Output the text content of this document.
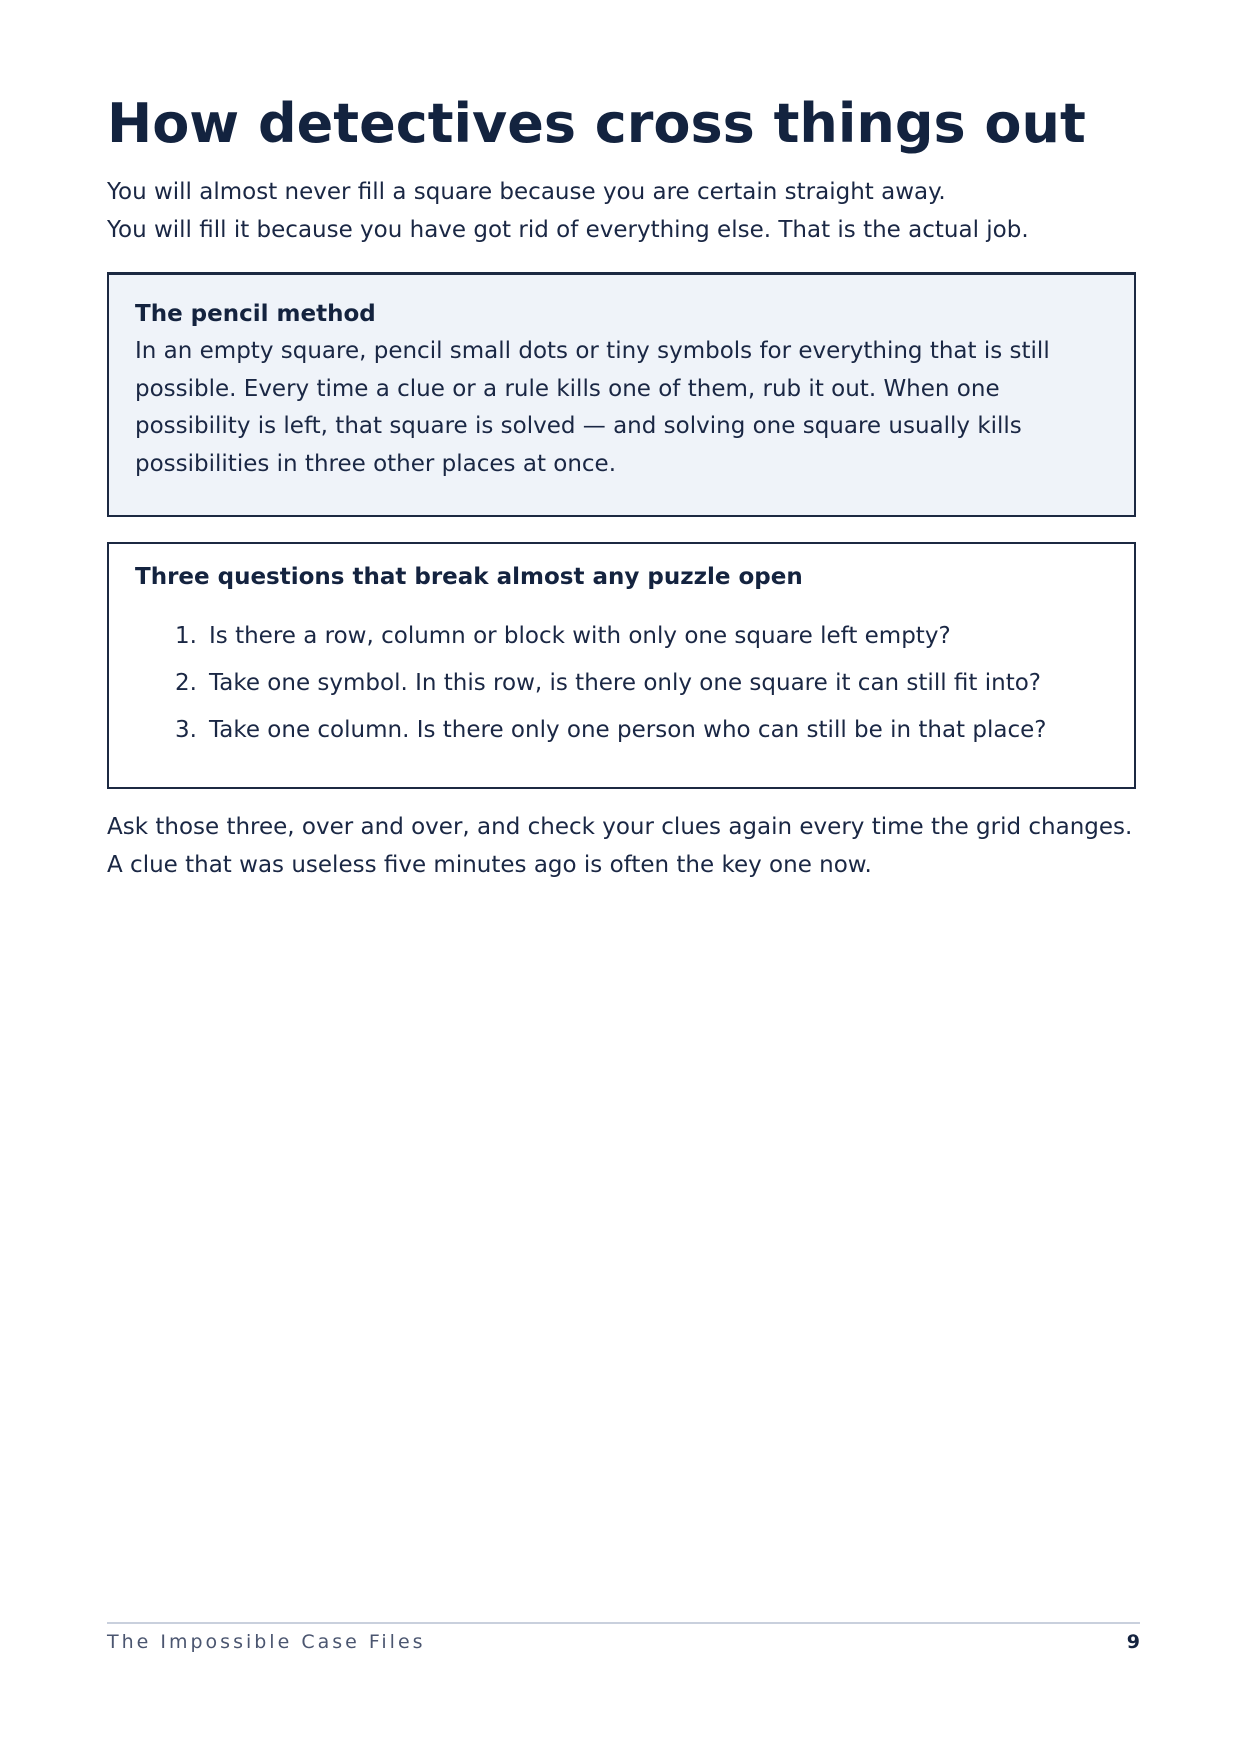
How detectives cross things out

You will almost never fill a square because you are certain straight away.

You will fill it because you have got rid of everything else. That is the actual job.

The pencil method

In an empty square, pencil small dots or tiny symbols for everything that is still possible. Every time a clue or a rule kills one of them, rub it out. When one possibility is left, that square is solved — and solving one square usually kills possibilities in three other places at once.

Three questions that break almost any puzzle open

1. Is there a row, column or block with only one square left empty?
2. Take one symbol. In this row, is there only one square it can still fit into?
3. Take one column. Is there only one person who can still be in that place?

Ask those three, over and over, and check your clues again every time the grid changes.

A clue that was useless five minutes ago is often the key one now.

The Impossible Case Files	9
